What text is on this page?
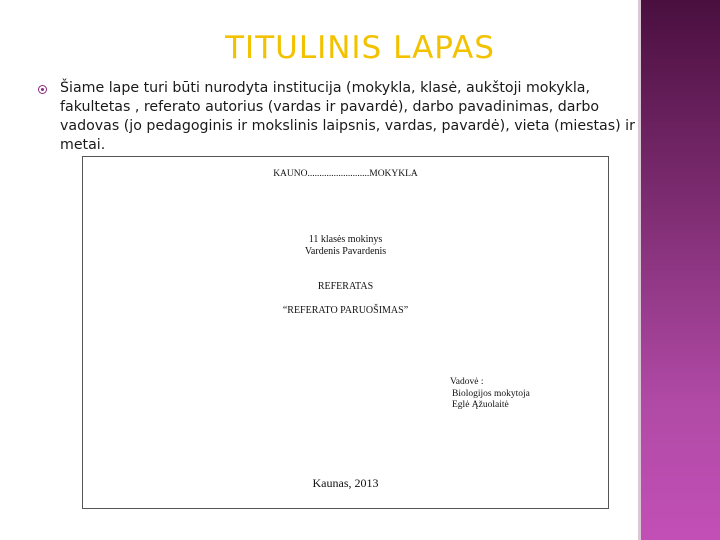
TITULINIS LAPAS
Šiame lape turi būti nurodyta institucija (mokykla, klasė, aukštoji mokykla, fakultetas , referato autorius (vardas ir pavardė), darbo pavadinimas, darbo vadovas (jo pedagoginis ir mokslinis laipsnis, vardas, pavardė), vieta (miestas) ir metai.
KAUNO..........................MOKYKLA
11 klasės mokinys
Vardenis Pavardenis
REFERATAS
“REFERATO PARUOŠIMAS”
Vadovė :
Biologijos mokytoja
Eglė Ąžuolaitė
Kaunas, 2013
